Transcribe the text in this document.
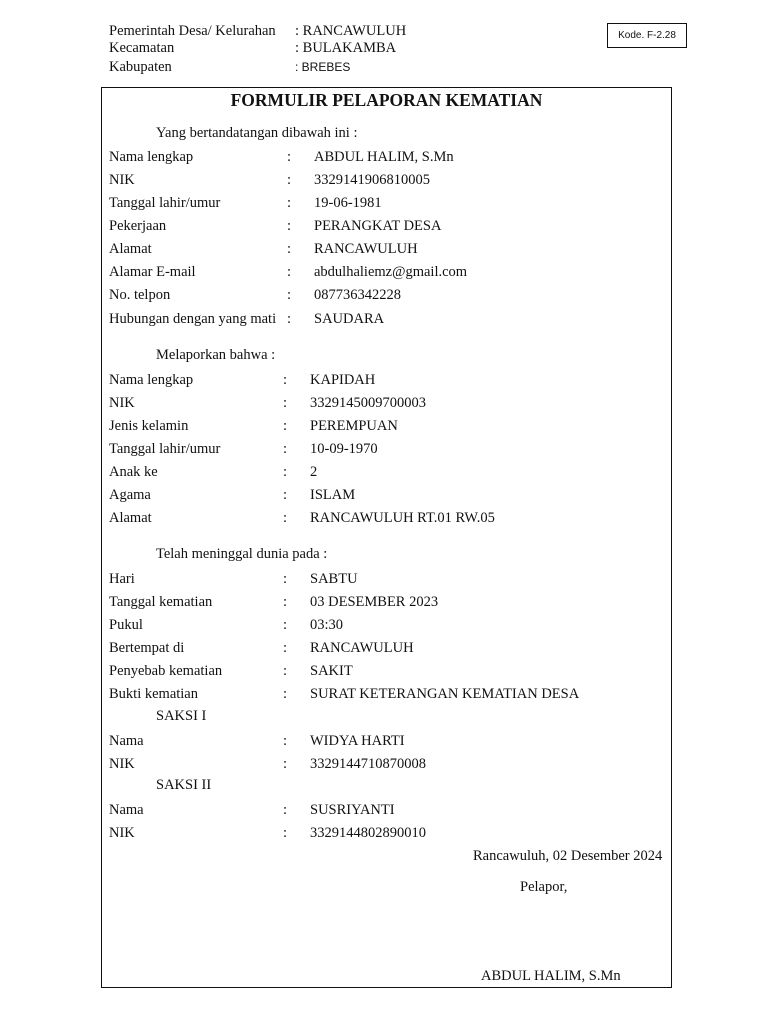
Pemerintah Desa/ Kelurahan : RANCAWULUH
Kecamatan	: BULAKAMBA
Kabupaten	: BREBES
Kode. F-2.28
FORMULIR PELAPORAN KEMATIAN
Yang bertandatangan dibawah ini :
Nama lengkap	: ABDUL HALIM, S.Mn
NIK	: 3329141906810005
Tanggal lahir/umur	: 19-06-1981
Pekerjaan	: PERANGKAT DESA
Alamat	: RANCAWULUH
Alamar E-mail	: abdulhaliemz@gmail.com
No. telpon	: 087736342228
Hubungan dengan yang mati : SAUDARA
Melaporkan bahwa :
Nama lengkap	: KAPIDAH
NIK	: 3329145009700003
Jenis kelamin	: PEREMPUAN
Tanggal lahir/umur	: 10-09-1970
Anak ke	: 2
Agama	: ISLAM
Alamat	: RANCAWULUH RT.01 RW.05
Telah meninggal dunia pada :
Hari	: SABTU
Tanggal kematian	: 03 DESEMBER 2023
Pukul	: 03:30
Bertempat di	: RANCAWULUH
Penyebab kematian	: SAKIT
Bukti kematian	: SURAT KETERANGAN KEMATIAN DESA
SAKSI I
Nama	: WIDYA HARTI
NIK	: 3329144710870008
SAKSI II
Nama	: SUSRIYANTI
NIK	: 3329144802890010
Rancawuluh, 02 Desember 2024
Pelapor,
ABDUL HALIM, S.Mn
